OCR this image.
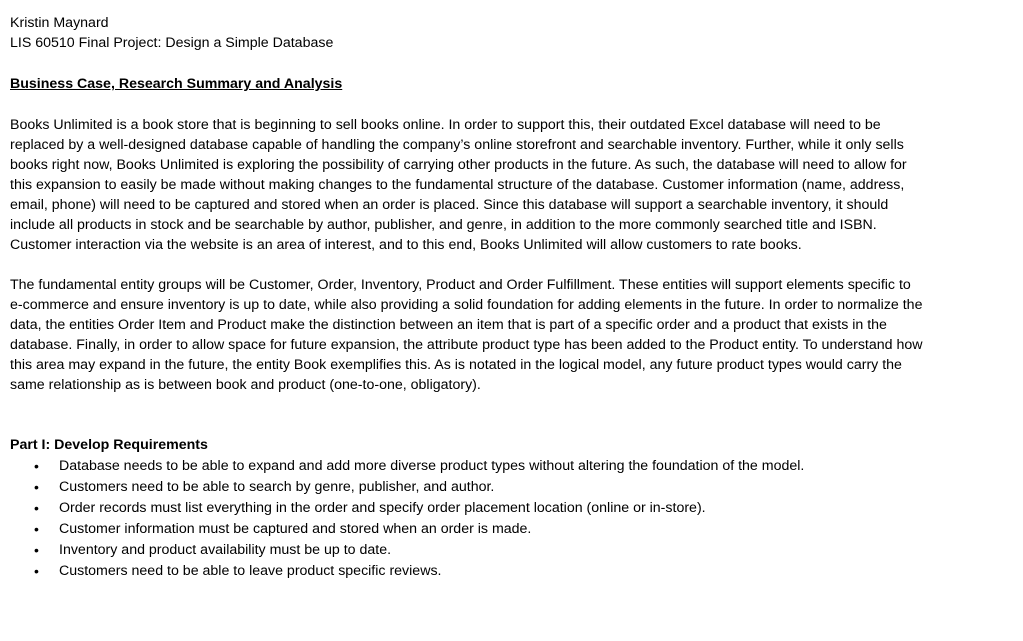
Kristin Maynard
LIS 60510 Final Project: Design a Simple Database
Business Case, Research Summary and Analysis
Books Unlimited is a book store that is beginning to sell books online. In order to support this, their outdated Excel database will need to be
replaced by a well-designed database capable of handling the company’s online storefront and searchable inventory. Further, while it only sells
books right now, Books Unlimited is exploring the possibility of carrying other products in the future. As such, the database will need to allow for
this expansion to easily be made without making changes to the fundamental structure of the database. Customer information (name, address,
email, phone) will need to be captured and stored when an order is placed. Since this database will support a searchable inventory, it should
include all products in stock and be searchable by author, publisher, and genre, in addition to the more commonly searched title and ISBN.
Customer interaction via the website is an area of interest, and to this end, Books Unlimited will allow customers to rate books.
The fundamental entity groups will be Customer, Order, Inventory, Product and Order Fulfillment. These entities will support elements specific to
e-commerce and ensure inventory is up to date, while also providing a solid foundation for adding elements in the future. In order to normalize the
data, the entities Order Item and Product make the distinction between an item that is part of a specific order and a product that exists in the
database. Finally, in order to allow space for future expansion, the attribute product type has been added to the Product entity. To understand how
this area may expand in the future, the entity Book exemplifies this. As is notated in the logical model, any future product types would carry the
same relationship as is between book and product (one-to-one, obligatory).
Part I: Develop Requirements
• Database needs to be able to expand and add more diverse product types without altering the foundation of the model.
• Customers need to be able to search by genre, publisher, and author.
• Order records must list everything in the order and specify order placement location (online or in-store).
• Customer information must be captured and stored when an order is made.
• Inventory and product availability must be up to date.
• Customers need to be able to leave product specific reviews.
